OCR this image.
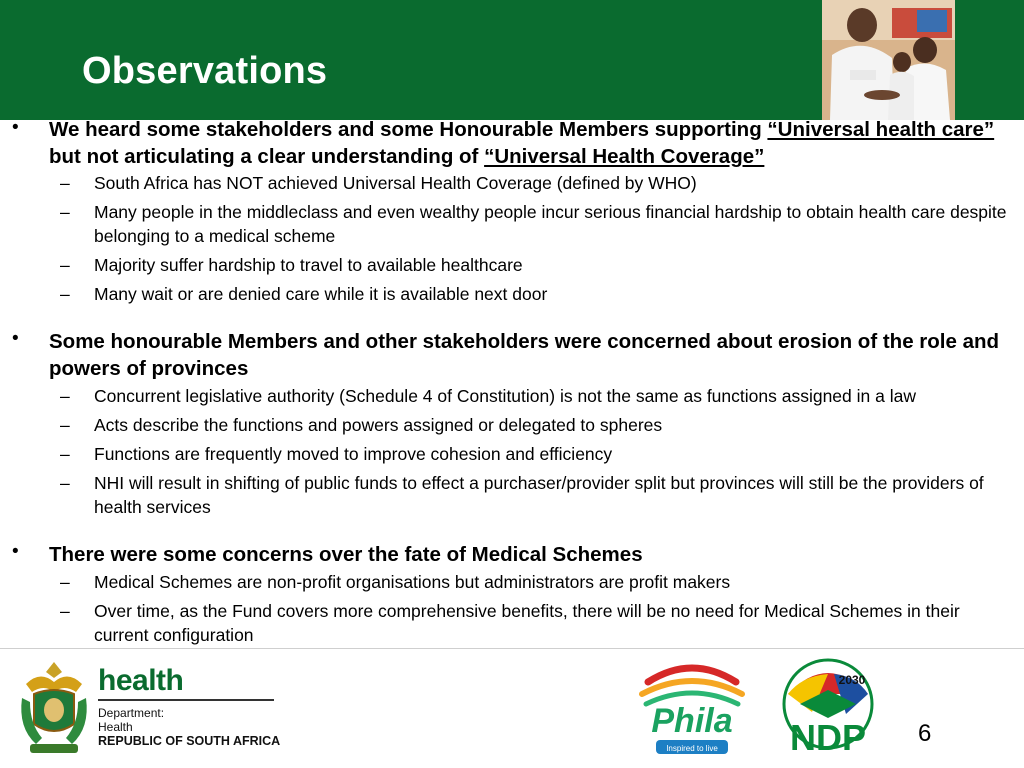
Observations
• We heard some stakeholders and some Honourable Members supporting “Universal health care” but not articulating a clear understanding of “Universal Health Coverage”
– South Africa has NOT achieved Universal Health Coverage (defined by WHO)
– Many people in the middleclass and even wealthy people incur serious financial hardship to obtain health care despite belonging to a medical scheme
– Majority suffer hardship to travel to available healthcare
– Many wait or are denied care while it is available next door
• Some honourable Members and other stakeholders were concerned about erosion of the role and powers of provinces
– Concurrent legislative authority (Schedule 4 of Constitution) is not the same as functions assigned in a law
– Acts describe the functions and powers assigned or delegated to spheres
– Functions are frequently moved to improve cohesion and efficiency
– NHI will result in shifting of public funds to effect a purchaser/provider split but provinces will still be the providers of health services
• There were some concerns over the fate of Medical Schemes
– Medical Schemes are non-profit organisations but administrators are profit makers
– Over time, as the Fund covers more comprehensive benefits, there will be no need for Medical Schemes in their current configuration
health
Department:
Health
REPUBLIC OF SOUTH AFRICA
Phila
Inspired to live
2030
NDP 6
